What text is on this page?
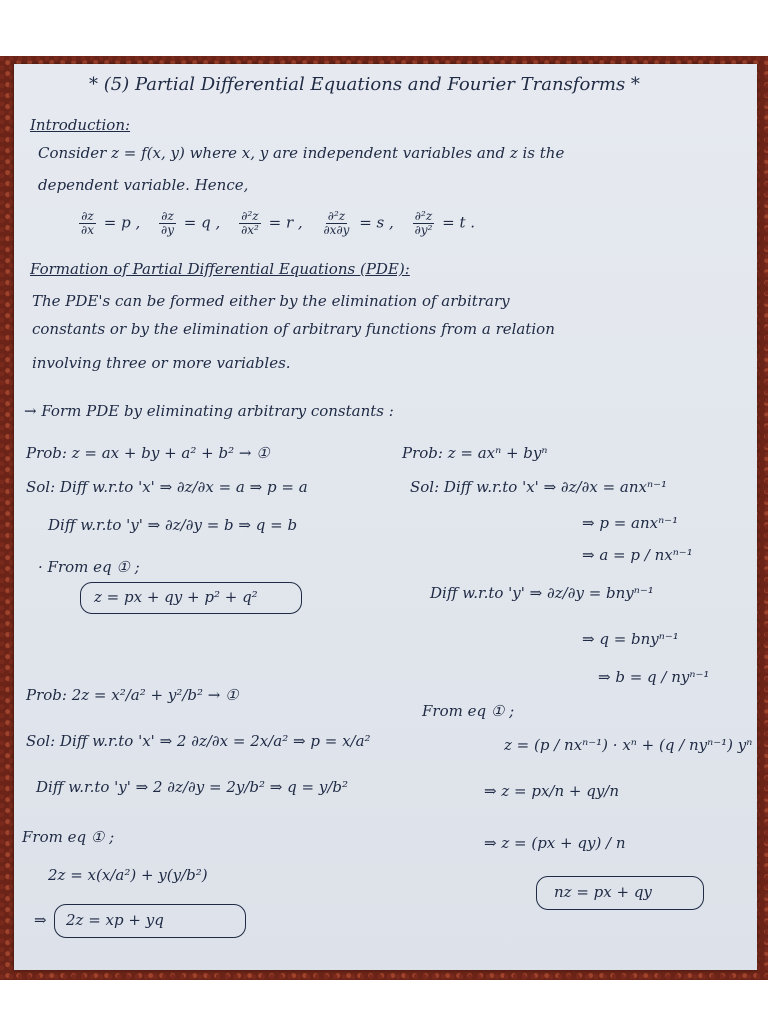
* (5) Partial Differential Equations and Fourier Transforms *
Introduction:
Consider z = f(x, y) where x, y are independent variables and z is the
dependent variable. Hence,
$\frac{\partial z}{\partial x} = p$ , $\frac{\partial z}{\partial y} = q$ , $\frac{\text{∂²z}}{\text{∂x²}} = r$ , $\frac{\text{∂²z}}{\partial x\partial y} = s$ , $\frac{\text{∂²z}}{\text{∂y²}} = t$ .
Formation of Partial Differential Equations (PDE):
The PDE's can be formed either by the elimination of arbitrary
constants or by the elimination of arbitrary functions from a relation
involving three or more variables.
→ Form PDE by eliminating arbitrary constants :
Prob: z = ax + by + a² + b² → ①
Sol: Diff w.r.to 'x' ⇒ ∂z/∂x = a ⇒ p = a
Diff w.r.to 'y' ⇒ ∂z/∂y = b ⇒ q = b
· From eq ① ;
z = px + qy + p² + q²
Prob: z = axⁿ + byⁿ
Sol: Diff w.r.to 'x' ⇒ ∂z/∂x = anxⁿ⁻¹
⇒ p = anxⁿ⁻¹
⇒ a = p / nxⁿ⁻¹
Diff w.r.to 'y' ⇒ ∂z/∂y = bnyⁿ⁻¹
⇒ q = bnyⁿ⁻¹
⇒ b = q / nyⁿ⁻¹
From eq ① ;
z = (p / nxⁿ⁻¹) · xⁿ + (q / nyⁿ⁻¹) yⁿ
⇒ z = px/n + qy/n
⇒ z = (px + qy) / n
nz = px + qy
Prob: 2z = x²/a² + y²/b² → ①
Sol: Diff w.r.to 'x' ⇒ 2 ∂z/∂x = 2x/a² ⇒ p = x/a²
Diff w.r.to 'y' ⇒ 2 ∂z/∂y = 2y/b² ⇒ q = y/b²
From eq ① ;
2z = x(x/a²) + y(y/b²)
⇒ 2z = xp + yq
